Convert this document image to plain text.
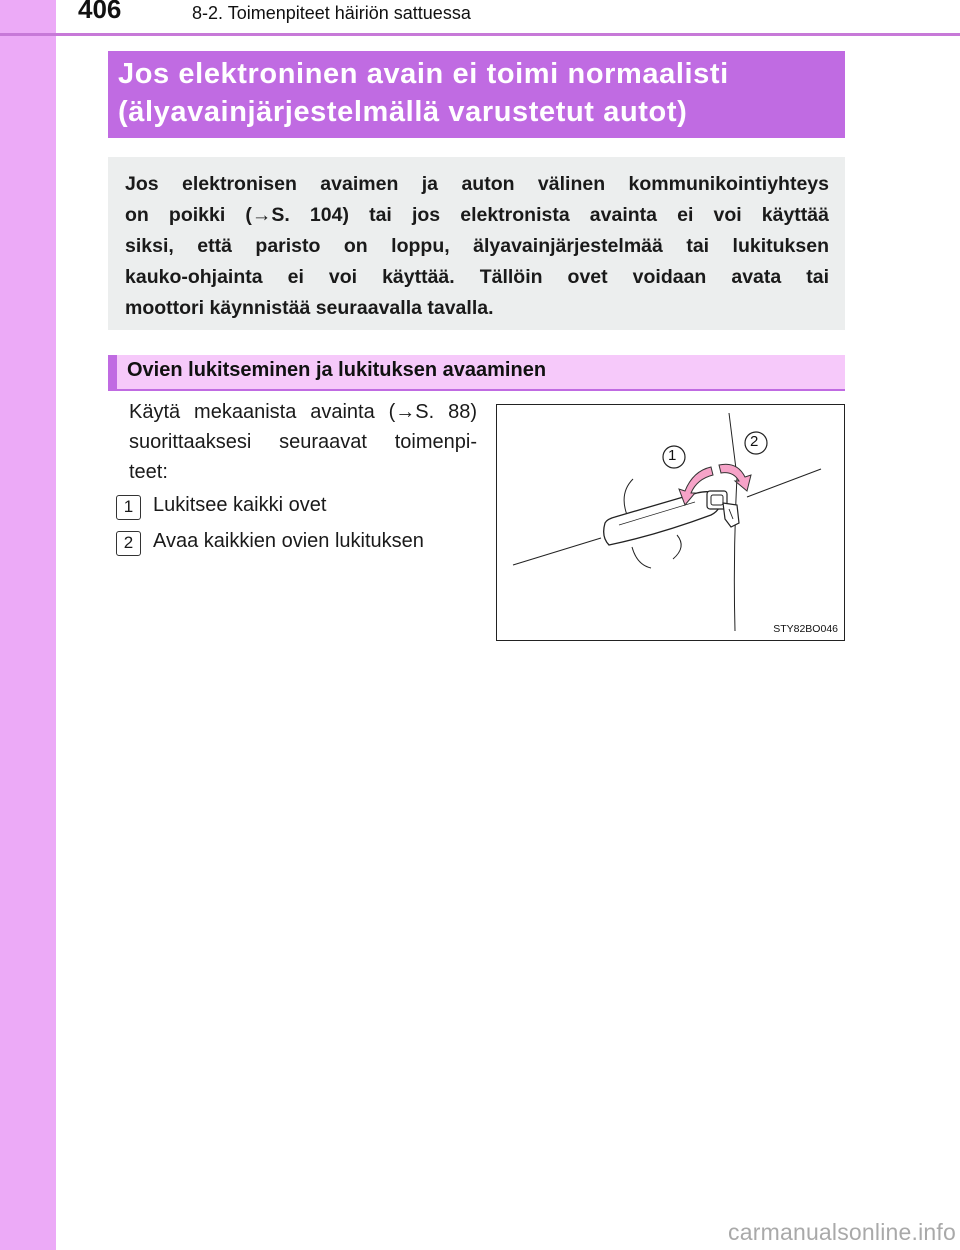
406	8-2. Toimenpiteet häiriön sattuessa
Jos elektroninen avain ei toimi normaalisti
(älyavainjärjestelmällä varustetut autot)
Jos elektronisen avaimen ja auton välinen kommunikointiyhteys
on poikki (→S. 104) tai jos elektronista avainta ei voi käyttää
siksi, että paristo on loppu, älyavainjärjestelmää tai lukituksen
kauko-ohjainta ei voi käyttää. Tällöin ovet voidaan avata tai
moottori käynnistää seuraavalla tavalla.
Ovien lukitseminen ja lukituksen avaaminen
Käytä mekaanista avainta (→S. 88)
suorittaaksesi seuraavat toimenpi-
teet:
1 Lukitsee kaikki ovet
2 Avaa kaikkien ovien lukituksen
1
2
STY82BO046
carmanualsonline.info
